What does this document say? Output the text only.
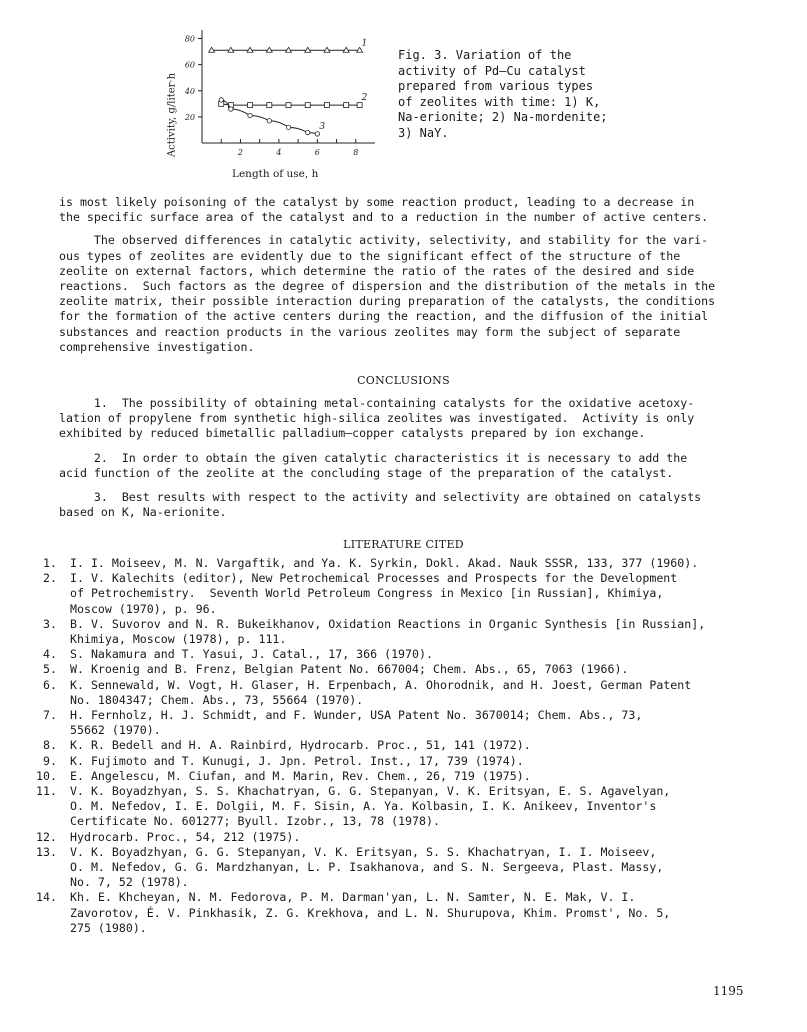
80
60
40
20
2	4	6	8
1
2
3
Activity, g/liter·h
Length of use, h
Fig. 3. Variation of the
activity of Pd—Cu catalyst
prepared from various types
of zeolites with time: 1) K,
Na-erionite; 2) Na-mordenite;
3) NaY.

is most likely poisoning of the catalyst by some reaction product, leading to a decrease in
the specific surface area of the catalyst and to a reduction in the number of active centers.

The observed differences in catalytic activity, selectivity, and stability for the vari-
ous types of zeolites are evidently due to the significant effect of the structure of the
zeolite on external factors, which determine the ratio of the rates of the desired and side
reactions.  Such factors as the degree of dispersion and the distribution of the metals in the
zeolite matrix, their possible interaction during preparation of the catalysts, the conditions
for the formation of the active centers during the reaction, and the diffusion of the initial
substances and reaction products in the various zeolites may form the subject of separate
comprehensive investigation.

CONCLUSIONS

1.  The possibility of obtaining metal-containing catalysts for the oxidative acetoxy-
lation of propylene from synthetic high-silica zeolites was investigated.  Activity is only
exhibited by reduced bimetallic palladium—copper catalysts prepared by ion exchange.

2.  In order to obtain the given catalytic characteristics it is necessary to add the
acid function of the zeolite at the concluding stage of the preparation of the catalyst.

3.  Best results with respect to the activity and selectivity are obtained on catalysts
based on K, Na-erionite.

LITERATURE CITED
1.	I. I. Moiseev, M. N. Vargaftik, and Ya. K. Syrkin, Dokl. Akad. Nauk SSSR, 133, 377 (1960).
2.	I. V. Kalechits (editor), New Petrochemical Processes and Prospects for the Development
of Petrochemistry.  Seventh World Petroleum Congress in Mexico [in Russian], Khimiya,
Moscow (1970), p. 96.
3.	B. V. Suvorov and N. R. Bukeikhanov, Oxidation Reactions in Organic Synthesis [in Russian],
Khimiya, Moscow (1978), p. 111.
4.	S. Nakamura and T. Yasui, J. Catal., 17, 366 (1970).
5.	W. Kroenig and B. Frenz, Belgian Patent No. 667004; Chem. Abs., 65, 7063 (1966).
6.	K. Sennewald, W. Vogt, H. Glaser, H. Erpenbach, A. Ohorodnik, and H. Joest, German Patent
No. 1804347; Chem. Abs., 73, 55664 (1970).
7.	H. Fernholz, H. J. Schmidt, and F. Wunder, USA Patent No. 3670014; Chem. Abs., 73,
55662 (1970).
8.	K. R. Bedell and H. A. Rainbird, Hydrocarb. Proc., 51, 141 (1972).
9.	K. Fujimoto and T. Kunugi, J. Jpn. Petrol. Inst., 17, 739 (1974).
10.	E. Angelescu, M. Ciufan, and M. Marin, Rev. Chem., 26, 719 (1975).
11.	V. K. Boyadzhyan, S. S. Khachatryan, G. G. Stepanyan, V. K. Eritsyan, E. S. Agavelyan,
O. M. Nefedov, I. E. Dolgii, M. F. Sisin, A. Ya. Kolbasin, I. K. Anikeev, Inventor's
Certificate No. 601277; Byull. Izobr., 13, 78 (1978).
12.	Hydrocarb. Proc., 54, 212 (1975).
13.	V. K. Boyadzhyan, G. G. Stepanyan, V. K. Eritsyan, S. S. Khachatryan, I. I. Moiseev,
O. M. Nefedov, G. G. Mardzhanyan, L. P. Isakhanova, and S. N. Sergeeva, Plast. Massy,
No. 7, 52 (1978).
14.	Kh. E. Khcheyan, N. M. Fedorova, P. M. Darman'yan, L. N. Samter, N. E. Mak, V. I.
Zavorotov, É. V. Pinkhasik, Z. G. Krekhova, and L. N. Shurupova, Khim. Promst', No. 5,
275 (1980).
1195
